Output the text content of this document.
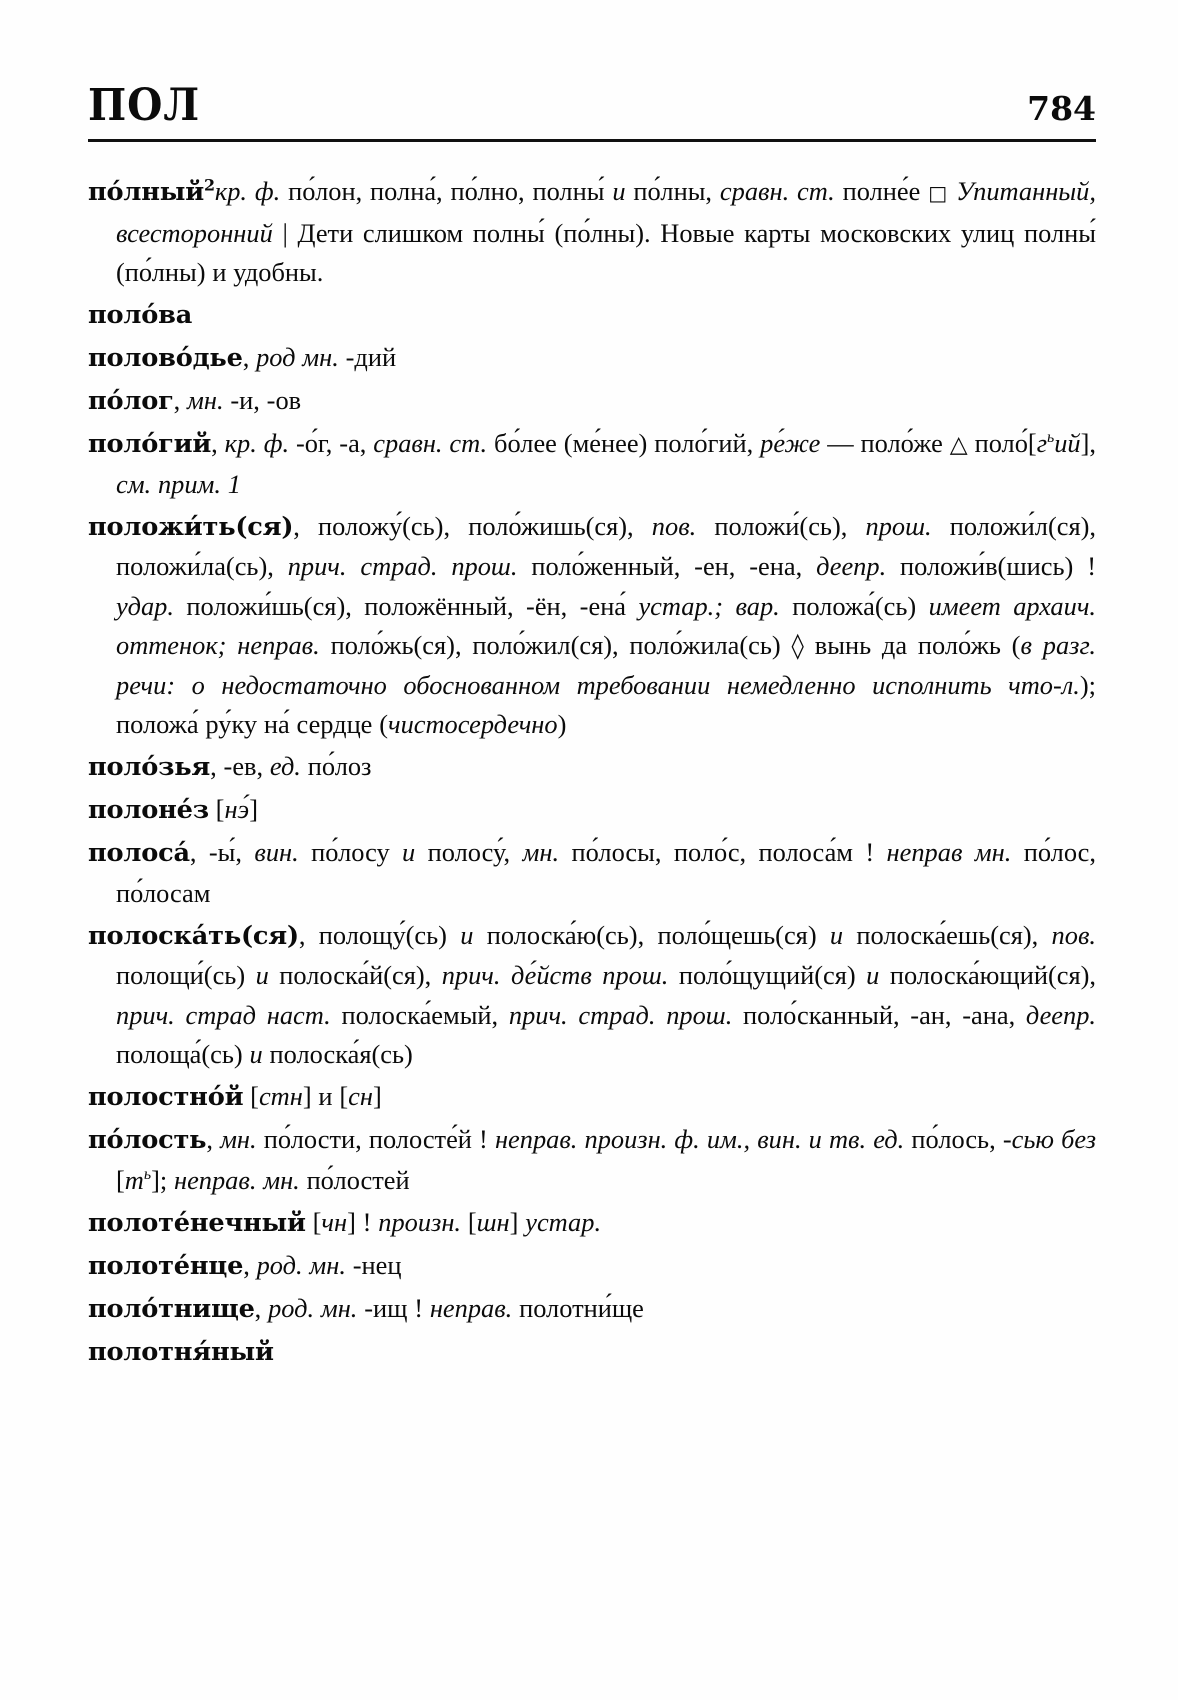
ПОЛ	784

по́лный$^2$кр. ф. по́лон, полна́, по́лно, полны́ и по́лны, сравн. ст. полне́е □ Упитанный, всесторонний | Дети слишком полны́ (по́лны). Новые карты московских улиц полны́ (по́лны) и удобны.

поло́ва

полово́дье, род мн. -дий

по́лог, мн. -и, -ов

поло́гий, кр. ф. -о́г, -а, сравн. ст. бо́лее (ме́нее) поло́гий, ре́же — поло́же △ $поло́[г^ьий]$, см. прим. 1

положи́ть(ся), положу́(сь), поло́жишь(ся), пов. положи́(сь), прош. положи́л(ся), положи́ла(сь), прич. страд. прош. поло́женный, -ен, -ена, деепр. положи́в(шись) ! удар. положи́шь(ся), положённый, -ён, -ена́ устар.; вар. положа́(сь) имеет архаич. оттенок; неправ. поло́жь(ся), поло́жил(ся), поло́жила(сь) ◊ вынь да поло́жь (в разг. речи: о недостаточно обоснованном требовании немедленно исполнить что-л.); положа́ ру́ку на́ сердце (чистосердечно)

поло́зья, -ев, ед. по́лоз

полоне́з [нэ́]

полоса́, -ы́, вин. по́лосу и полосу́, мн. по́лосы, поло́с, полоса́м ! неправ мн. по́лос, по́лосам

полоска́ть(ся), полощу́(сь) и полоска́ю(сь), поло́щешь(ся) и полоска́ешь(ся), пов. полощи́(сь) и полоска́й(ся), прич. де́йств прош. поло́щущий(ся) и полоска́ющий(ся), прич. страд наст. полоска́емый, прич. страд. прош. поло́сканный, -ан, -ана, деепр. полоща́(сь) и полоска́я(сь)

полостно́й [стн] и [сн]

по́лость, мн. по́лости, полосте́й ! неправ. произн. ф. им., вин. и тв. ед. по́лось, -сью без $[т^ь]$; неправ. мн. по́лостей

полоте́нечный [чн] ! произн. [шн] устар.

полоте́нце, род. мн. -нец

поло́тнище, род. мн. -ищ ! неправ. полотни́ще

полотня́ный
